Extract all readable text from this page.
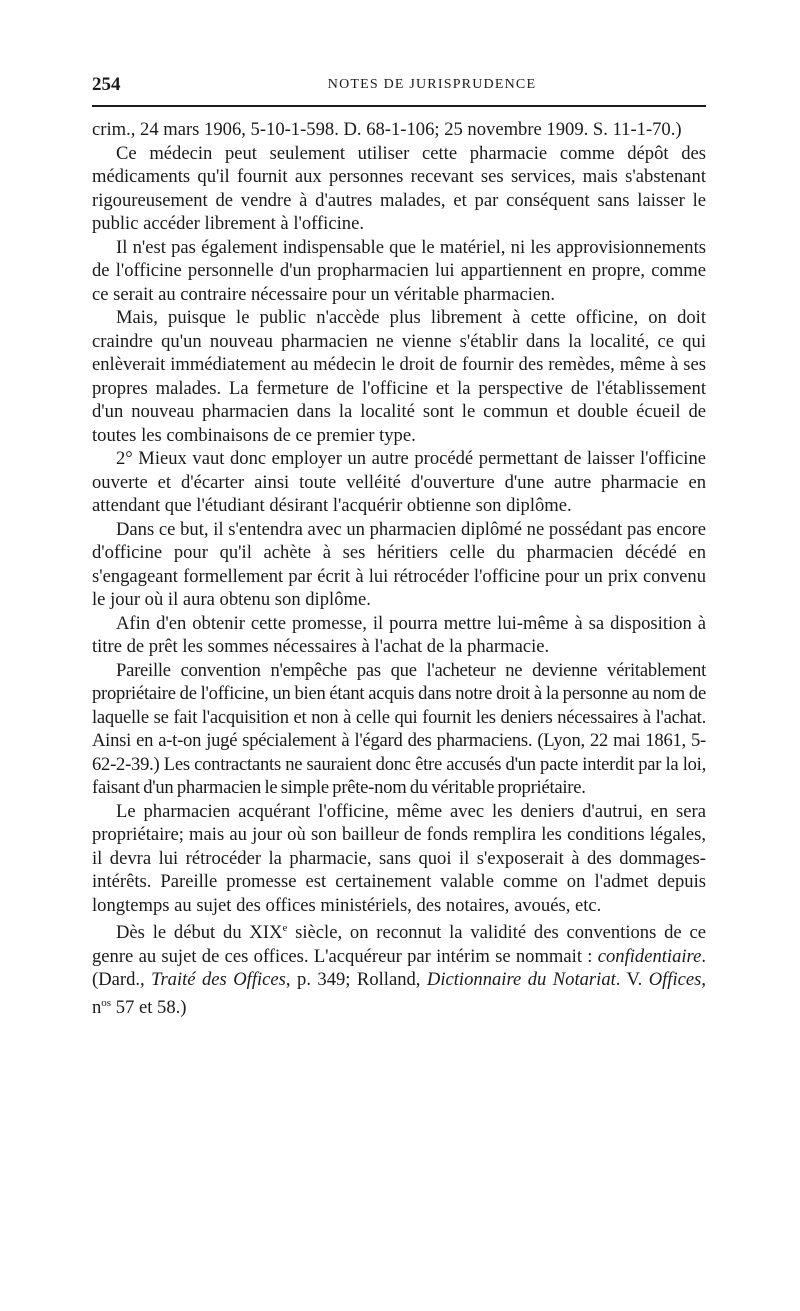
254	NOTES DE JURISPRUDENCE

crim., 24 mars 1906, 5-10-1-598. D. 68-1-106; 25 novembre 1909. S. 11-1-70.)

Ce médecin peut seulement utiliser cette pharmacie comme dépôt des médicaments qu'il fournit aux personnes recevant ses services, mais s'abstenant rigoureusement de vendre à d'autres malades, et par conséquent sans laisser le public accéder librement à l'officine.

Il n'est pas également indispensable que le matériel, ni les approvisionnements de l'officine personnelle d'un propharmacien lui appartiennent en propre, comme ce serait au contraire nécessaire pour un véritable pharmacien.

Mais, puisque le public n'accède plus librement à cette officine, on doit craindre qu'un nouveau pharmacien ne vienne s'établir dans la localité, ce qui enlèverait immédiatement au médecin le droit de fournir des remèdes, même à ses propres malades. La fermeture de l'officine et la perspective de l'établissement d'un nouveau pharmacien dans la localité sont le commun et double écueil de toutes les combinaisons de ce premier type.

2° Mieux vaut donc employer un autre procédé permettant de laisser l'officine ouverte et d'écarter ainsi toute velléité d'ouverture d'une autre pharmacie en attendant que l'étudiant désirant l'acquérir obtienne son diplôme.

Dans ce but, il s'entendra avec un pharmacien diplômé ne possédant pas encore d'officine pour qu'il achète à ses héritiers celle du pharmacien décédé en s'engageant formellement par écrit à lui rétrocéder l'officine pour un prix convenu le jour où il aura obtenu son diplôme.

Afin d'en obtenir cette promesse, il pourra mettre lui-même à sa disposition à titre de prêt les sommes nécessaires à l'achat de la pharmacie.

Pareille convention n'empêche pas que l'acheteur ne devienne véritablement propriétaire de l'officine, un bien étant acquis dans notre droit à la personne au nom de laquelle se fait l'acquisition et non à celle qui fournit les deniers nécessaires à l'achat. Ainsi en a-t-on jugé spécialement à l'égard des pharmaciens. (Lyon, 22 mai 1861, 5-62-2-39.) Les contractants ne sauraient donc être accusés d'un pacte interdit par la loi, faisant d'un pharmacien le simple prête-nom du véritable propriétaire.

Le pharmacien acquérant l'officine, même avec les deniers d'autrui, en sera propriétaire; mais au jour où son bailleur de fonds remplira les conditions légales, il devra lui rétrocéder la pharmacie, sans quoi il s'exposerait à des dommages-intérêts. Pareille promesse est certainement valable comme on l'admet depuis longtemps au sujet des offices ministériels, des notaires, avoués, etc.

Dès le début du XIXe siècle, on reconnut la validité des conventions de ce genre au sujet de ces offices. L'acquéreur par intérim se nommait : confidentiaire. (Dard., Traité des Offices, p. 349; Rolland, Dictionnaire du Notariat. V. Offices, $n^{os}$ 57 et 58.)
